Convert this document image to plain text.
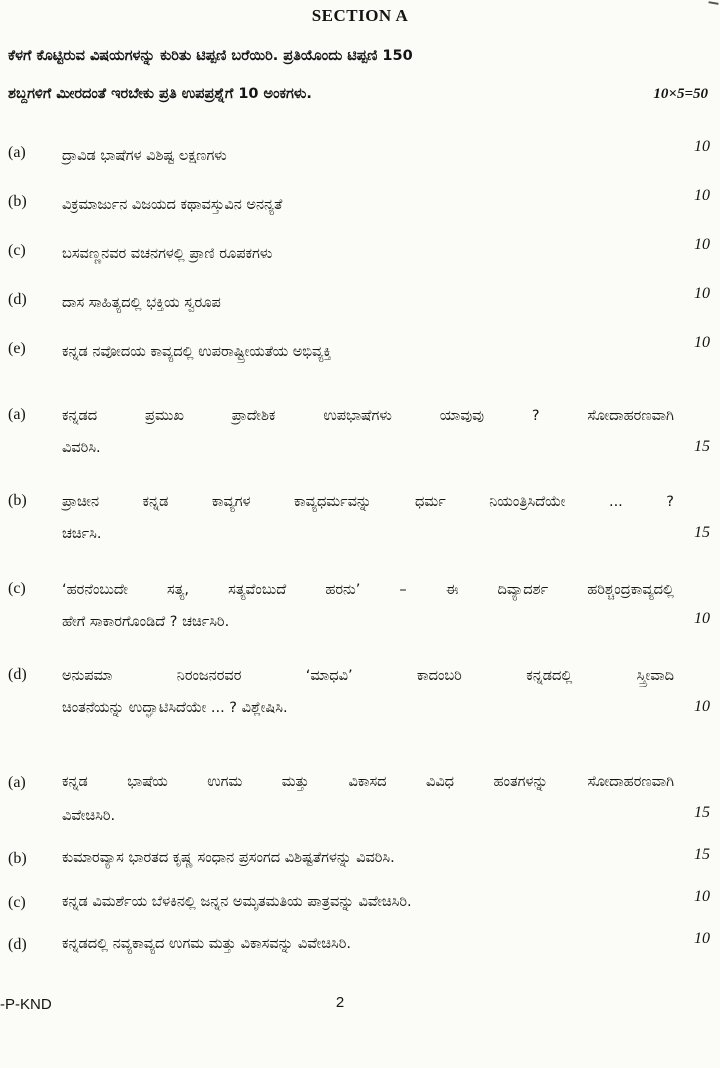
SECTION A
ಕೆಳಗೆ ಕೊಟ್ಟಿರುವ ವಿಷಯಗಳನ್ನು ಕುರಿತು ಟಿಪ್ಪಣಿ ಬರೆಯಿರಿ. ಪ್ರತಿಯೊಂದು ಟಿಪ್ಪಣಿ 150
ಶಬ್ದಗಳಿಗೆ ಮೀರದಂತೆ ಇರಬೇಕು ಪ್ರತಿ ಉಪಪ್ರಶ್ನೆಗೆ 10 ಅಂಕಗಳು.	10×5=50
(a) ದ್ರಾವಿಡ ಭಾಷೆಗಳ ವಿಶಿಷ್ಟ ಲಕ್ಷಣಗಳು
10
(b) ವಿಕ್ರಮಾರ್ಜುನ ವಿಜಯದ ಕಥಾವಸ್ತುವಿನ ಅನನ್ಯತೆ
10
(c) ಬಸವಣ್ಣನವರ ವಚನಗಳಲ್ಲಿ ಪ್ರಾಣಿ ರೂಪಕಗಳು
10
(d) ದಾಸ ಸಾಹಿತ್ಯದಲ್ಲಿ ಭಕ್ತಿಯ ಸ್ವರೂಪ
10
(e) ಕನ್ನಡ ನವೋದಯ ಕಾವ್ಯದಲ್ಲಿ ಉಪರಾಷ್ಟ್ರೀಯತೆಯ ಅಭಿವ್ಯಕ್ತಿ
10
(a) ಕನ್ನಡದ ಪ್ರಮುಖ ಪ್ರಾದೇಶಿಕ ಉಪಭಾಷೆಗಳು ಯಾವುವು ? ಸೋದಾಹರಣವಾಗಿ
ವಿವರಿಸಿ.	15
(b) ಪ್ರಾಚೀನ ಕನ್ನಡ ಕಾವ್ಯಗಳ ಕಾವ್ಯಧರ್ಮವನ್ನು ಧರ್ಮ ನಿಯಂತ್ರಿಸಿದೆಯೇ ... ?
ಚರ್ಚಿಸಿ.	15
(c) ‘ಹರನೆಂಬುದೇ ಸತ್ಯ, ಸತ್ಯವೆಂಬುದೆ ಹರನು’ – ಈ ದಿವ್ಯಾದರ್ಶ ಹರಿಶ್ಚಂದ್ರಕಾವ್ಯದಲ್ಲಿ
ಹೇಗೆ ಸಾಕಾರಗೊಂಡಿದೆ ? ಚರ್ಚಿಸಿರಿ.	10
(d) ಅನುಪಮಾ ನಿರಂಜನರವರ ‘ಮಾಧವಿ’ ಕಾದಂಬರಿ ಕನ್ನಡದಲ್ಲಿ ಸ್ತ್ರೀವಾದಿ
ಚಿಂತನೆಯನ್ನು ಉದ್ಘಾಟಿಸಿದೆಯೇ ... ? ವಿಶ್ಲೇಷಿಸಿ.	10
(a) ಕನ್ನಡ ಭಾಷೆಯ ಉಗಮ ಮತ್ತು ವಿಕಾಸದ ವಿವಿಧ ಹಂತಗಳನ್ನು ಸೋದಾಹರಣವಾಗಿ
ವಿವೇಚಿಸಿರಿ.	15
(b) ಕುಮಾರವ್ಯಾಸ ಭಾರತದ ಕೃಷ್ಣ ಸಂಧಾನ ಪ್ರಸಂಗದ ವಿಶಿಷ್ಟತೆಗಳನ್ನು ವಿವರಿಸಿ.	15
(c) ಕನ್ನಡ ವಿಮರ್ಶೆಯ ಬೆಳಕಿನಲ್ಲಿ ಜನ್ನನ ಅಮೃತಮತಿಯ ಪಾತ್ರವನ್ನು ವಿವೇಚಿಸಿರಿ.	10
(d) ಕನ್ನಡದಲ್ಲಿ ನವ್ಯಕಾವ್ಯದ ಉಗಮ ಮತ್ತು ವಿಕಾಸವನ್ನು ವಿವೇಚಿಸಿರಿ.	10
-P-KND	2
